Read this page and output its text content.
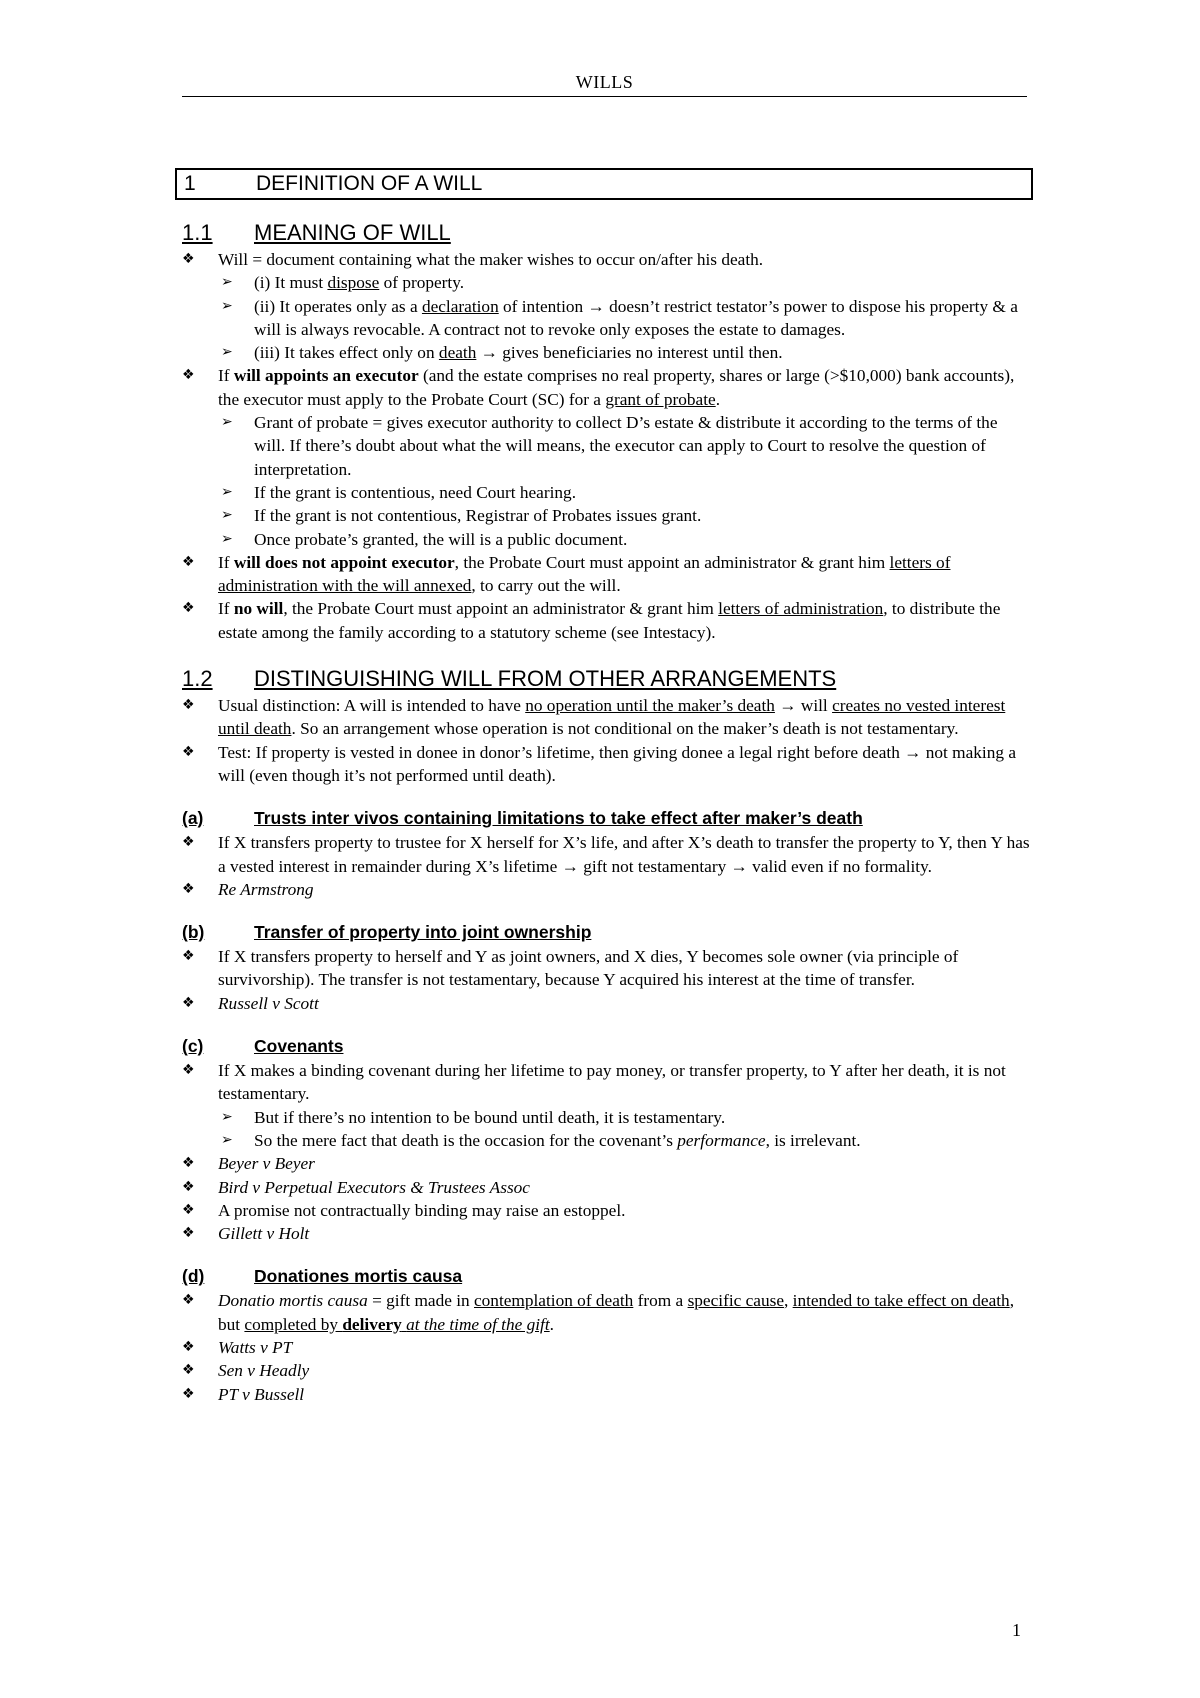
WILLS
1	DEFINITION OF A WILL
1.1	MEANING OF WILL
❖ Will = document containing what the maker wishes to occur on/after his death.
➢ (i) It must dispose of property.
➢ (ii) It operates only as a declaration of intention → doesn’t restrict testator’s power to dispose his property & a will is always revocable. A contract not to revoke only exposes the estate to damages.
➢ (iii) It takes effect only on death → gives beneficiaries no interest until then.
❖ If will appoints an executor (and the estate comprises no real property, shares or large (>$10,000) bank accounts), the executor must apply to the Probate Court (SC) for a grant of probate.
➢ Grant of probate = gives executor authority to collect D’s estate & distribute it according to the terms of the will. If there’s doubt about what the will means, the executor can apply to Court to resolve the question of interpretation.
➢ If the grant is contentious, need Court hearing.
➢ If the grant is not contentious, Registrar of Probates issues grant.
➢ Once probate’s granted, the will is a public document.
❖ If will does not appoint executor, the Probate Court must appoint an administrator & grant him letters of administration with the will annexed, to carry out the will.
❖ If no will, the Probate Court must appoint an administrator & grant him letters of administration, to distribute the estate among the family according to a statutory scheme (see Intestacy).
1.2	DISTINGUISHING WILL FROM OTHER ARRANGEMENTS
❖ Usual distinction: A will is intended to have no operation until the maker’s death → will creates no vested interest until death. So an arrangement whose operation is not conditional on the maker’s death is not testamentary.
❖ Test: If property is vested in donee in donor’s lifetime, then giving donee a legal right before death → not making a will (even though it’s not performed until death).
(a)	Trusts inter vivos containing limitations to take effect after maker’s death
❖ If X transfers property to trustee for X herself for X’s life, and after X’s death to transfer the property to Y, then Y has a vested interest in remainder during X’s lifetime → gift not testamentary → valid even if no formality.
❖ Re Armstrong
(b)	Transfer of property into joint ownership
❖ If X transfers property to herself and Y as joint owners, and X dies, Y becomes sole owner (via principle of survivorship). The transfer is not testamentary, because Y acquired his interest at the time of transfer.
❖ Russell v Scott
(c)	Covenants
❖ If X makes a binding covenant during her lifetime to pay money, or transfer property, to Y after her death, it is not testamentary.
➢ But if there’s no intention to be bound until death, it is testamentary.
➢ So the mere fact that death is the occasion for the covenant’s performance, is irrelevant.
❖ Beyer v Beyer
❖ Bird v Perpetual Executors & Trustees Assoc
❖ A promise not contractually binding may raise an estoppel.
❖ Gillett v Holt
(d)	Donationes mortis causa
❖ Donatio mortis causa = gift made in contemplation of death from a specific cause, intended to take effect on death, but completed by delivery at the time of the gift.
❖ Watts v PT
❖ Sen v Headly
❖ PT v Bussell
1
